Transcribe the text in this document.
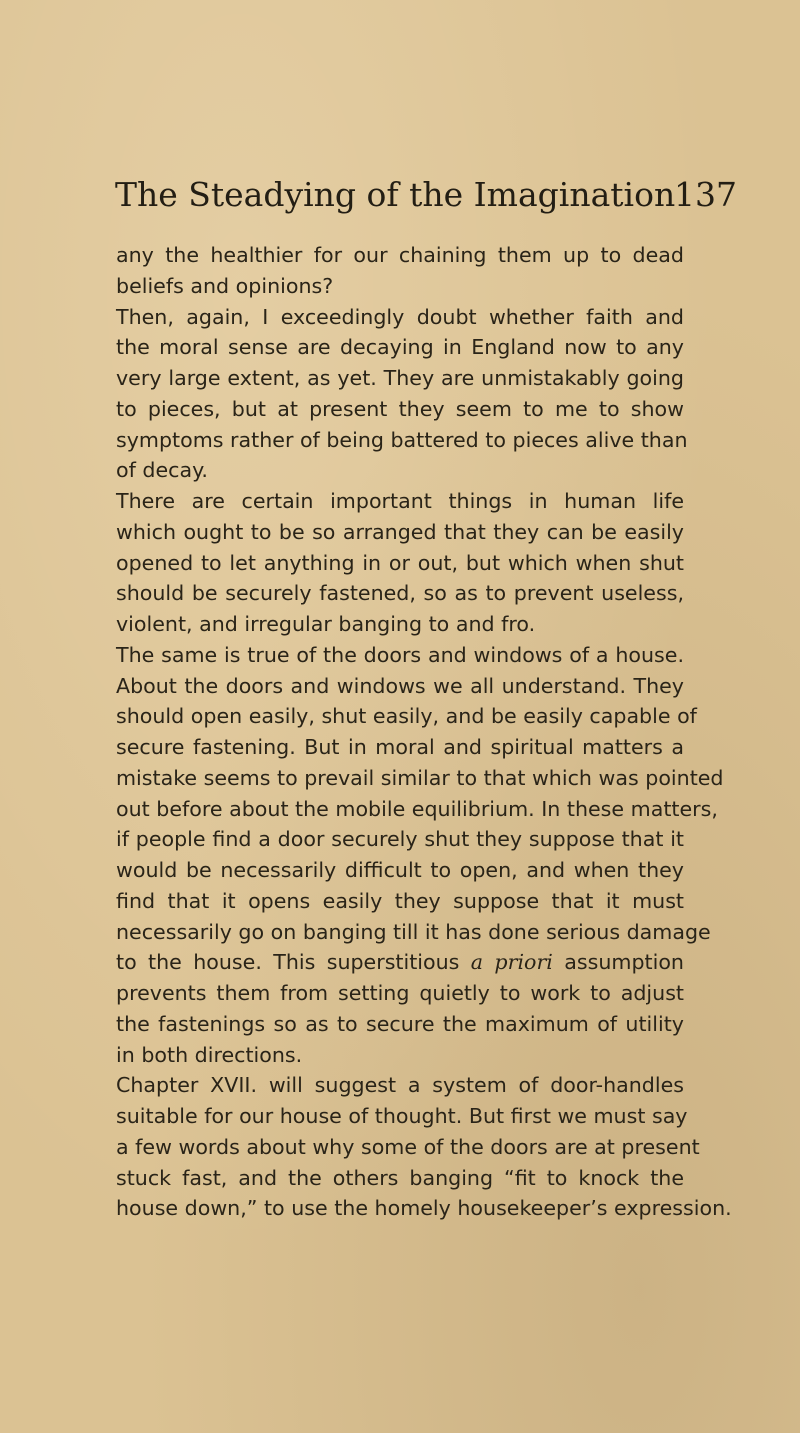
The Steadying of the Imagination
137
any the healthier for our chaining them up to dead
beliefs and opinions?
Then, again, I exceedingly doubt whether faith and
the moral sense are decaying in England now to any
very large extent, as yet. They are unmistakably going
to pieces, but at present they seem to me to show
symptoms rather of being battered to pieces alive than
of decay.
There are certain important things in human life
which ought to be so arranged that they can be easily
opened to let anything in or out, but which when shut
should be securely fastened, so as to prevent useless,
violent, and irregular banging to and fro.
The same is true of the doors and windows of a house.
About the doors and windows we all understand. They
should open easily, shut easily, and be easily capable of
secure fastening. But in moral and spiritual matters a
mistake seems to prevail similar to that which was pointed
out before about the mobile equilibrium. In these matters,
if people find a door securely shut they suppose that it
would be necessarily difficult to open, and when they
find that it opens easily they suppose that it must
necessarily go on banging till it has done serious damage
to the house. This superstitious a priori assumption
prevents them from setting quietly to work to adjust
the fastenings so as to secure the maximum of utility
in both directions.
Chapter XVII. will suggest a system of door-handles
suitable for our house of thought. But first we must say
a few words about why some of the doors are at present
stuck fast, and the others banging “fit to knock the
house down,” to use the homely housekeeper’s expression.
